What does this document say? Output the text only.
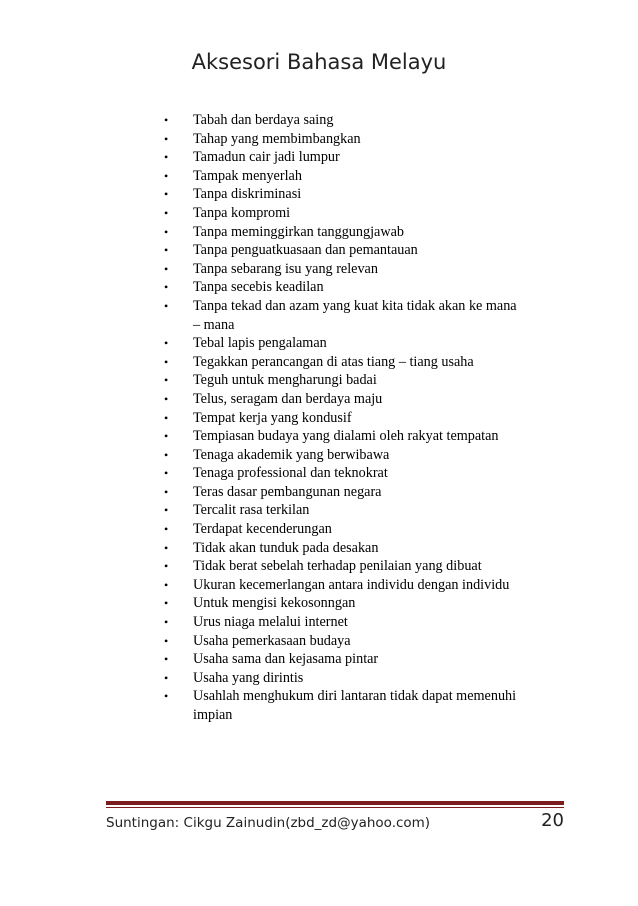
Aksesori Bahasa Melayu
• Tabah dan berdaya saing
• Tahap yang membimbangkan
• Tamadun cair jadi lumpur
• Tampak menyerlah
• Tanpa diskriminasi
• Tanpa kompromi
• Tanpa meminggirkan tanggungjawab
• Tanpa penguatkuasaan dan pemantauan
• Tanpa sebarang isu yang relevan
• Tanpa secebis keadilan
• Tanpa tekad dan azam yang kuat kita tidak akan ke mana – mana
• Tebal lapis pengalaman
• Tegakkan perancangan di atas tiang – tiang usaha
• Teguh untuk mengharungi badai
• Telus, seragam dan berdaya maju
• Tempat kerja yang kondusif
• Tempiasan budaya yang dialami oleh rakyat tempatan
• Tenaga akademik yang berwibawa
• Tenaga professional dan teknokrat
• Teras dasar pembangunan negara
• Tercalit rasa terkilan
• Terdapat kecenderungan
• Tidak akan tunduk pada desakan
• Tidak berat sebelah terhadap penilaian yang dibuat
• Ukuran kecemerlangan antara individu dengan individu
• Untuk mengisi kekosonngan
• Urus niaga melalui internet
• Usaha pemerkasaan budaya
• Usaha sama dan kejasama pintar
• Usaha yang dirintis
• Usahlah menghukum diri lantaran tidak dapat memenuhi impian
Suntingan: Cikgu Zainudin(zbd_zd@yahoo.com)	20
